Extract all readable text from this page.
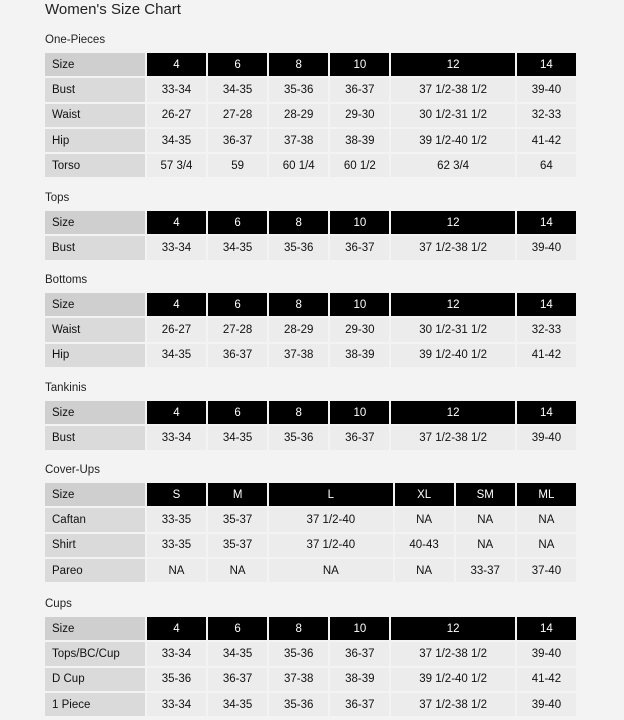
Women's Size Chart
One-Pieces
Size	4	6	8	10	12	14
Bust	33-34	34-35	35-36	36-37	37 1/2-38 1/2	39-40
Waist	26-27	27-28	28-29	29-30	30 1/2-31 1/2	32-33
Hip	34-35	36-37	37-38	38-39	39 1/2-40 1/2	41-42
Torso	57 3/4	59	60 1/4	60 1/2	62 3/4	64
Tops
Size	4	6	8	10	12	14
Bust	33-34	34-35	35-36	36-37	37 1/2-38 1/2	39-40
Bottoms
Size	4	6	8	10	12	14
Waist	26-27	27-28	28-29	29-30	30 1/2-31 1/2	32-33
Hip	34-35	36-37	37-38	38-39	39 1/2-40 1/2	41-42
Tankinis
Size	4	6	8	10	12	14
Bust	33-34	34-35	35-36	36-37	37 1/2-38 1/2	39-40
Cover-Ups
Size	S	M	L	XL	SM	ML
Caftan	33-35	35-37	37 1/2-40	NA	NA	NA
Shirt	33-35	35-37	37 1/2-40	40-43	NA	NA
Pareo	NA	NA	NA	NA	33-37	37-40
Cups
Size	4	6	8	10	12	14
Tops/BC/Cup	33-34	34-35	35-36	36-37	37 1/2-38 1/2	39-40
D Cup	35-36	36-37	37-38	38-39	39 1/2-40 1/2	41-42
1 Piece	33-34	34-35	35-36	36-37	37 1/2-38 1/2	39-40
